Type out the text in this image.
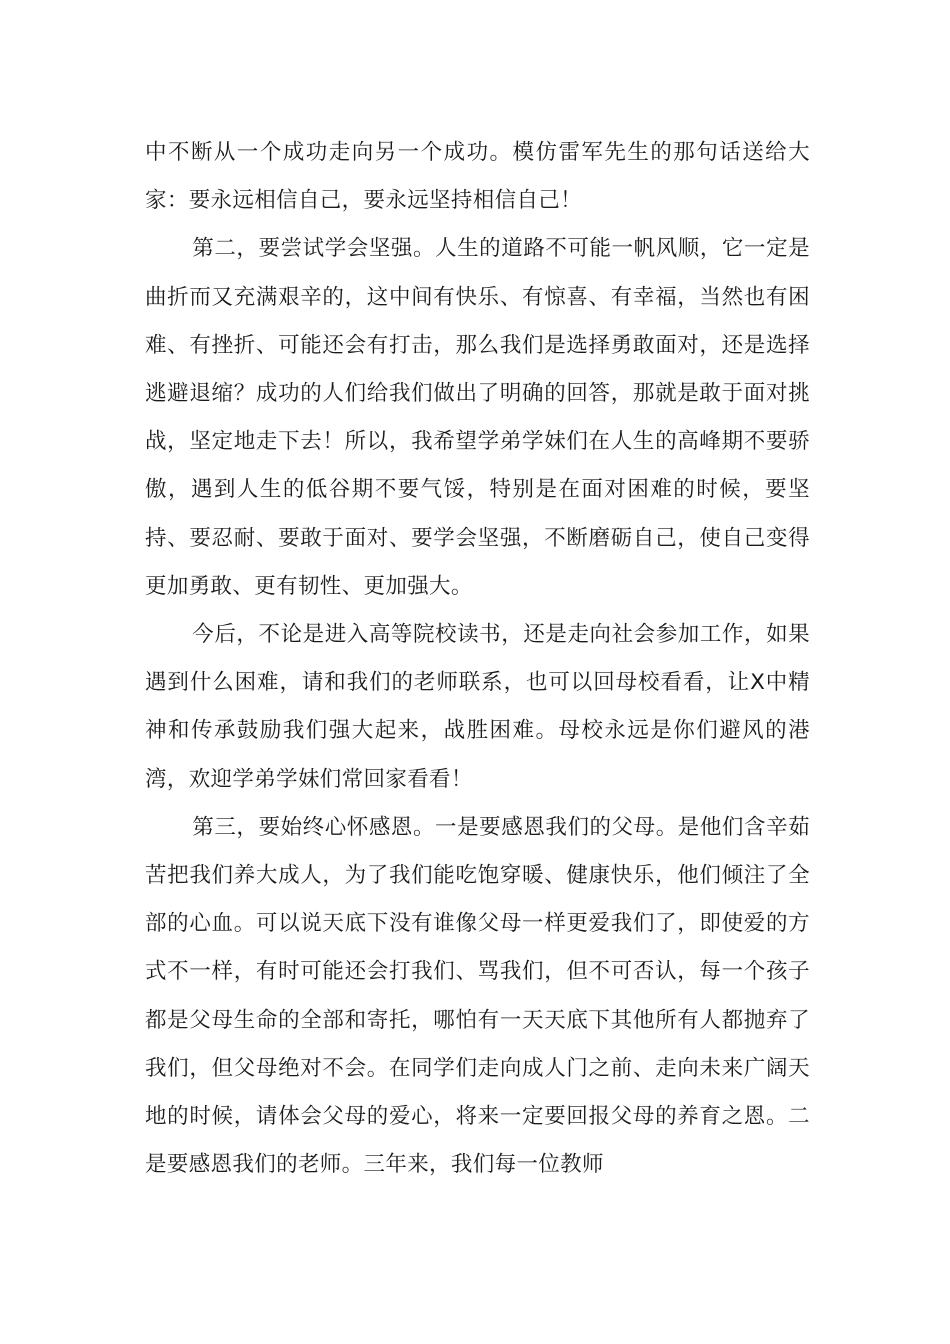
中不断从一个成功走向另一个成功。模仿雷军先生的那句话送给大家：要永远相信自己，要永远坚持相信自己！

第二，要尝试学会坚强。人生的道路不可能一帆风顺，它一定是曲折而又充满艰辛的，这中间有快乐、有惊喜、有幸福，当然也有困难、有挫折、可能还会有打击，那么我们是选择勇敢面对，还是选择逃避退缩？成功的人们给我们做出了明确的回答，那就是敢于面对挑战，坚定地走下去！所以，我希望学弟学妹们在人生的高峰期不要骄傲，遇到人生的低谷期不要气馁，特别是在面对困难的时候，要坚持、要忍耐、要敢于面对、要学会坚强，不断磨砺自己，使自己变得更加勇敢、更有韧性、更加强大。

今后，不论是进入高等院校读书，还是走向社会参加工作，如果遇到什么困难，请和我们的老师联系，也可以回母校看看，让X中精神和传承鼓励我们强大起来，战胜困难。母校永远是你们避风的港湾，欢迎学弟学妹们常回家看看！

第三，要始终心怀感恩。一是要感恩我们的父母。是他们含辛茹苦把我们养大成人，为了我们能吃饱穿暖、健康快乐，他们倾注了全部的心血。可以说天底下没有谁像父母一样更爱我们了，即使爱的方式不一样，有时可能还会打我们、骂我们，但不可否认，每一个孩子都是父母生命的全部和寄托，哪怕有一天天底下其他所有人都抛弃了我们，但父母绝对不会。在同学们走向成人门之前、走向未来广阔天地的时候，请体会父母的爱心，将来一定要回报父母的养育之恩。二是要感恩我们的老师。三年来，我们每一位教师
